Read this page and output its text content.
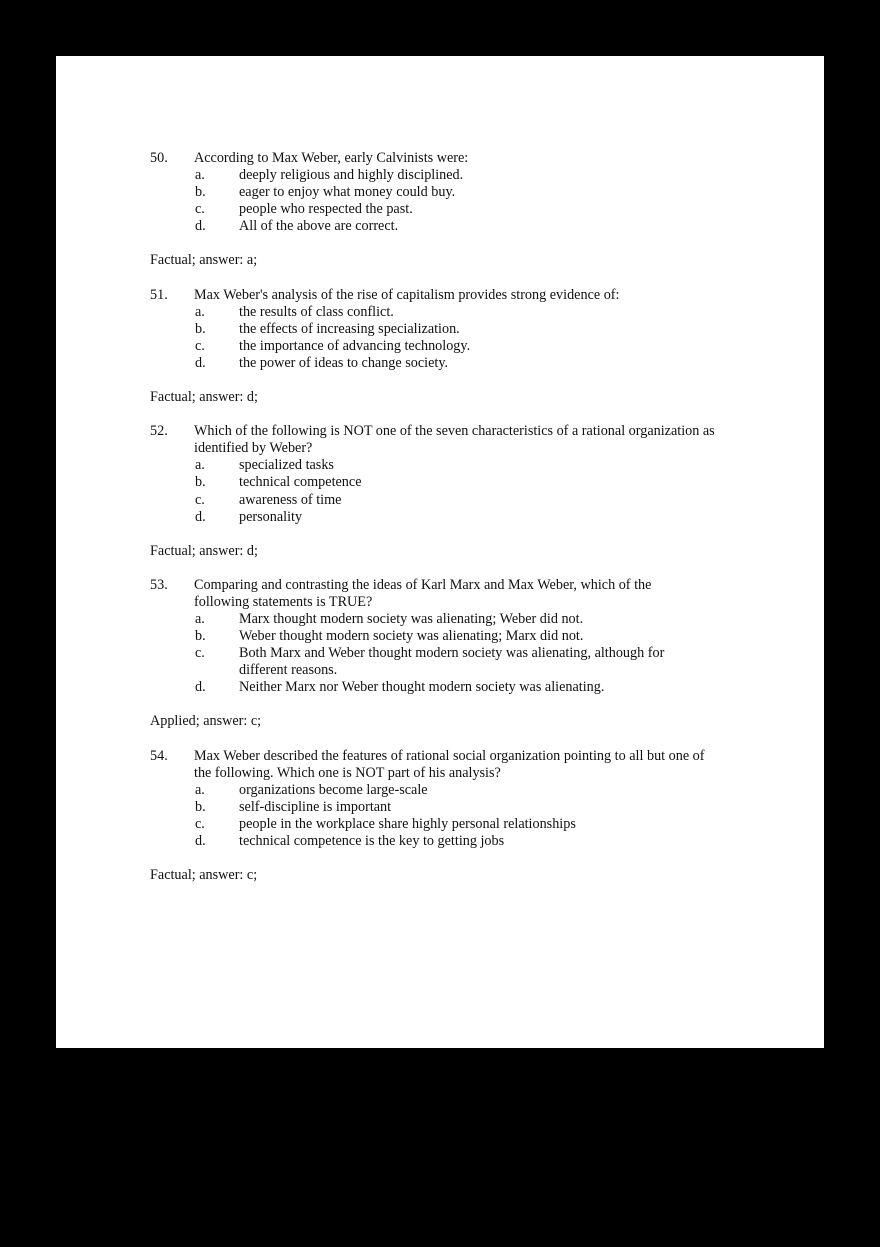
50. According to Max Weber, early Calvinists were:
a. deeply religious and highly disciplined.
b. eager to enjoy what money could buy.
c. people who respected the past.
d. All of the above are correct.
Factual; answer: a;
51. Max Weber's analysis of the rise of capitalism provides strong evidence of:
a. the results of class conflict.
b. the effects of increasing specialization.
c. the importance of advancing technology.
d. the power of ideas to change society.
Factual; answer: d;
52. Which of the following is NOT one of the seven characteristics of a rational organization as identified by Weber?
a. specialized tasks
b. technical competence
c. awareness of time
d. personality
Factual; answer: d;
53. Comparing and contrasting the ideas of Karl Marx and Max Weber, which of the following statements is TRUE?
a. Marx thought modern society was alienating; Weber did not.
b. Weber thought modern society was alienating; Marx did not.
c. Both Marx and Weber thought modern society was alienating, although for different reasons.
d. Neither Marx nor Weber thought modern society was alienating.
Applied; answer: c;
54. Max Weber described the features of rational social organization pointing to all but one of the following. Which one is NOT part of his analysis?
a. organizations become large-scale
b. self-discipline is important
c. people in the workplace share highly personal relationships
d. technical competence is the key to getting jobs
Factual; answer: c;
